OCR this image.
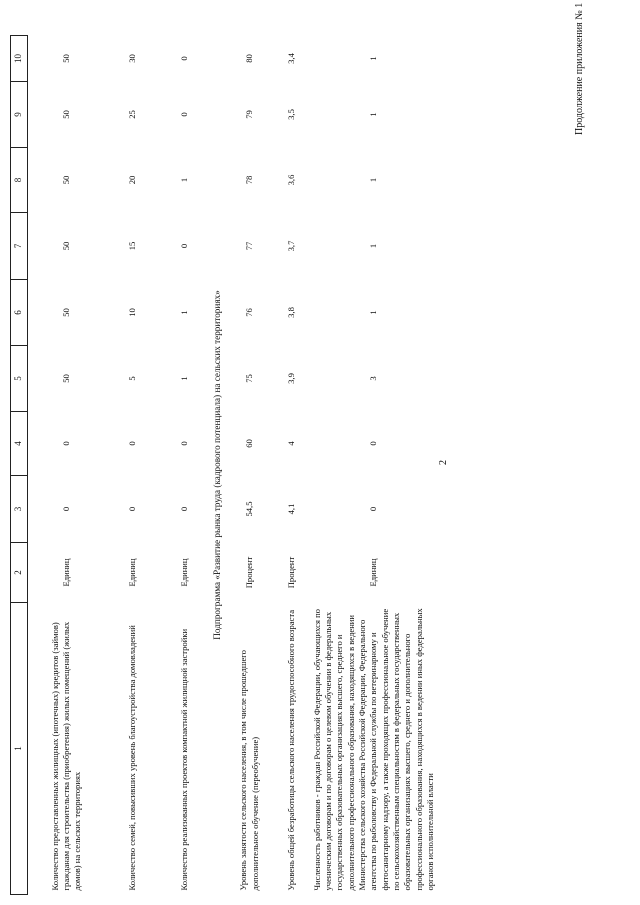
2
Продолжение приложения № 1
1	2	3	4	5	6	7	8	9	10
Количество предоставленных жилищных (ипотечных) кредитов (займов) гражданам для строительства (приобретения) жилых помещений (жилых домов) на сельских территориях	Единиц	0	0	50	50	50	50	50	50
Количество семей, повысивших уровень благоустройства домовладений	Единиц	0	0	5	10	15	20	25	30
Количество реализованных проектов компактной жилищной застройки	Единиц	0	0	1	1	0	1	0	0
Подпрограмма «Развитие рынка труда (кадрового потенциала) на сельских территориях»									
Уровень занятости сельского населения, в том числе прошедшего дополнительное обучение (переобучение)	Процент	54,5	60	75	76	77	78	79	80
Уровень общей безработицы сельского населения трудоспособного возраста	Процент	4,1	4	3,9	3,8	3,7	3,6	3,5	3,4
Численность работников - граждан Российской Федерации, обучающихся по ученическим договорам и по договорам о целевом обучении в федеральных государственных образовательных организациях высшего, среднего и дополнительного профессионального образования, находящихся в ведении Министерства сельского хозяйства Российской Федерации, Федерального агентства по рыболовству и Федеральной службы по ветеринарному и фитосанитарному надзору, а также проходящих профессиональное обучение по сельскохозяйственным специальностям в федеральных государственных образовательных организациях высшего, среднего и дополнительного профессионального образования, находящихся в ведении иных федеральных органов исполнительной власти	Единиц	0	0	3	1	1	1	1	1
